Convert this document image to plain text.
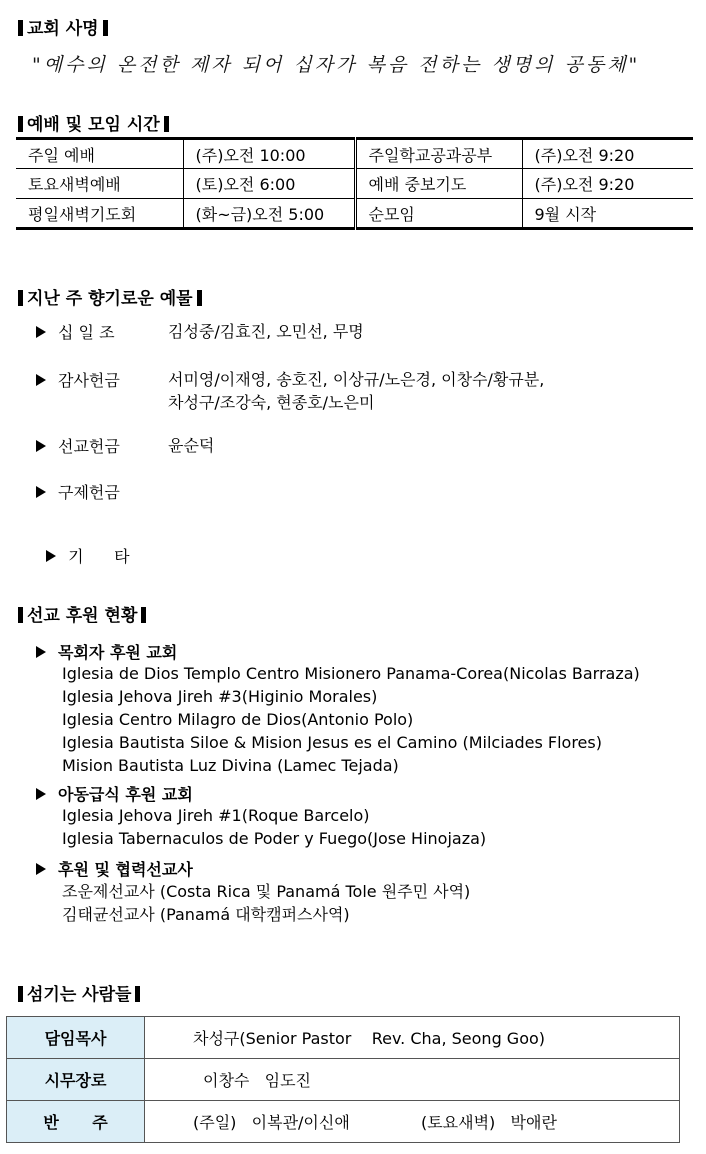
교회 사명
"예수의 온전한 제자 되어 십자가 복음 전하는 생명의 공동체"
예배 및 모임 시간
주일 예배	(주)오전 10:00	주일학교공과공부	(주)오전 9:20
토요새벽예배	(토)오전 6:00	예배 중보기도	(주)오전 9:20
평일새벽기도회	(화~금)오전 5:00	순모임	9월 시작
지난 주 향기로운 예물
십 일 조	김성중/김효진, 오민선, 무명
감사헌금	서미영/이재영, 송호진, 이상규/노은경, 이창수/황규분,
차성구/조강숙, 현종호/노은미
선교헌금	윤순덕
구제헌금

기      타

선교 후원 현황
목회자 후원 교회
Iglesia de Dios Templo Centro Misionero Panama-Corea(Nicolas Barraza)
Iglesia Jehova Jireh #3(Higinio Morales)
Iglesia Centro Milagro de Dios(Antonio Polo)
Iglesia Bautista Siloe & Mision Jesus es el Camino (Milciades Flores)
Mision Bautista Luz Divina (Lamec Tejada)
아동급식 후원 교회
Iglesia Jehova Jireh #1(Roque Barcelo)
Iglesia Tabernaculos de Poder y Fuego(Jose Hinojaza)
후원 및 협력선교사
조운제선교사 (Costa Rica 및 Panamá Tole 원주민 사역)
김태균선교사 (Panamá 대학캠퍼스사역)
섬기는 사람들
담임목사	차성구(Senior Pastor    Rev. Cha, Seong Goo)
시무장로	이창수   임도진
반      주	(주일)   이복관/이신애              (토요새벽)   박애란
